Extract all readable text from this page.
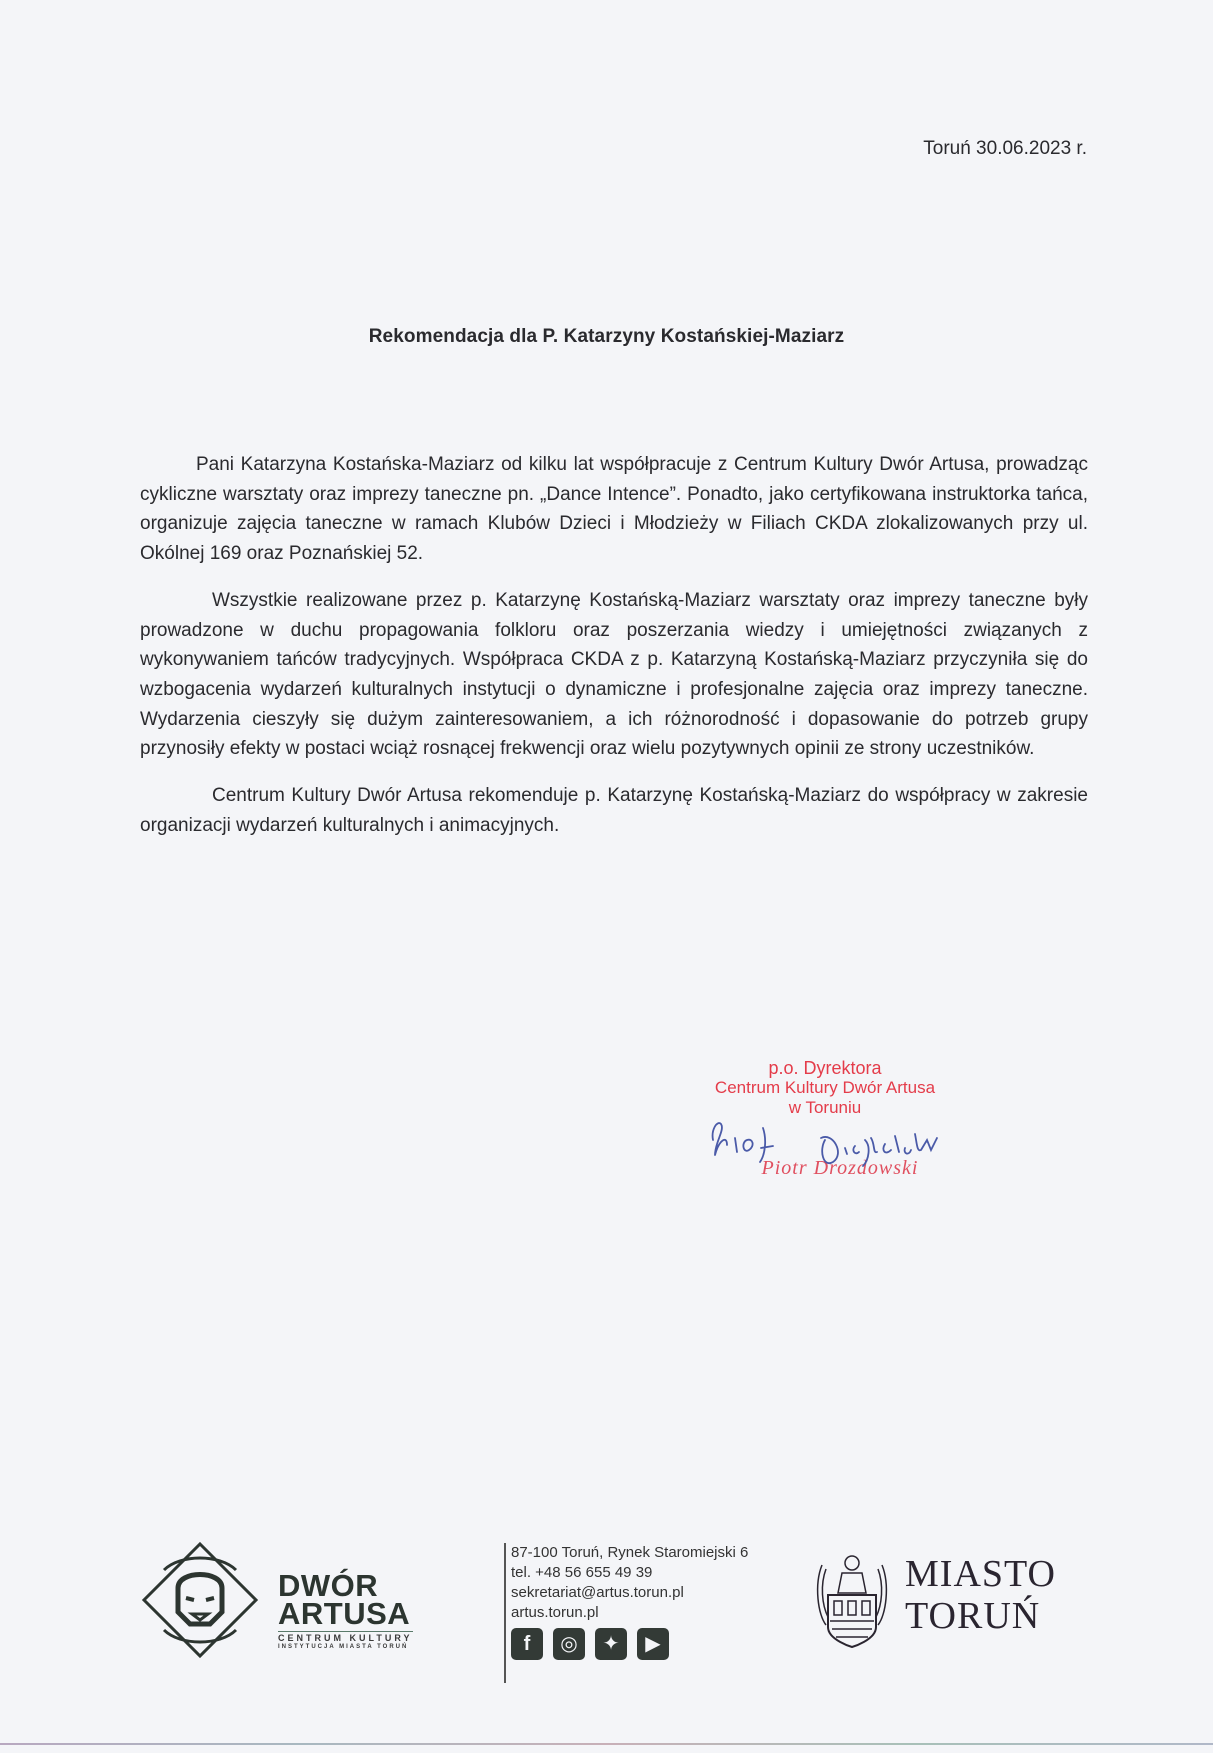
Toruń 30.06.2023 r.
Rekomendacja dla P. Katarzyny Kostańskiej-Maziarz

Pani Katarzyna Kostańska-Maziarz od kilku lat współpracuje z Centrum Kultury Dwór Artusa, prowadząc cykliczne warsztaty oraz imprezy taneczne pn. „Dance Intence”. Ponadto, jako certyfikowana instruktorka tańca, organizuje zajęcia taneczne w ramach Klubów Dzieci i Młodzieży w Filiach CKDA zlokalizowanych przy ul. Okólnej 169 oraz Poznańskiej 52.

Wszystkie realizowane przez p. Katarzynę Kostańską-Maziarz warsztaty oraz imprezy taneczne były prowadzone w duchu propagowania folkloru oraz poszerzania wiedzy i umiejętności związanych z wykonywaniem tańców tradycyjnych. Współpraca CKDA z p. Katarzyną Kostańską-Maziarz przyczyniła się do wzbogacenia wydarzeń kulturalnych instytucji o dynamiczne i profesjonalne zajęcia oraz imprezy taneczne. Wydarzenia cieszyły się dużym zainteresowaniem, a ich różnorodność i dopasowanie do potrzeb grupy przynosiły efekty w postaci wciąż rosnącej frekwencji oraz wielu pozytywnych opinii ze strony uczestników.

Centrum Kultury Dwór Artusa rekomenduje p. Katarzynę Kostańską-Maziarz do współpracy w zakresie organizacji wydarzeń kulturalnych i animacyjnych.

p.o. Dyrektora
Centrum Kultury Dwór Artusa
w Toruniu
Piotr Drozdowski
DWÓR
ARTUSA
CENTRUM KULTURY
INSTYTUCJA MIASTA TORUŃ
87-100 Toruń, Rynek Staromiejski 6
tel. +48 56 655 49 39
sekretariat@artus.torun.pl
artus.torun.pl
f	◎	✦	▶
MIASTO
TORUŃ
